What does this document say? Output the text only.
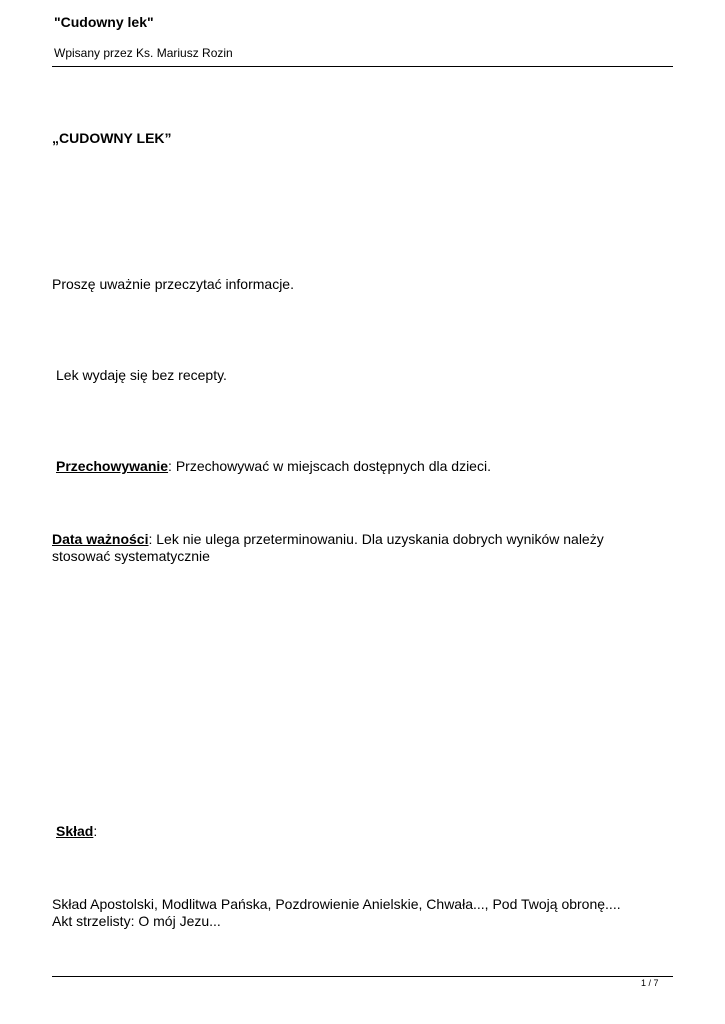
"Cudowny lek"
Wpisany przez Ks. Mariusz Rozin
„CUDOWNY LEK”
Proszę uważnie przeczytać informacje.
Lek wydaję się bez recepty.
Przechowywanie: Przechowywać w miejscach dostępnych dla dzieci.
Data ważności: Lek nie ulega przeterminowaniu. Dla uzyskania dobrych wyników należy stosować systematycznie
Skład:
Skład Apostolski, Modlitwa Pańska, Pozdrowienie Anielskie, Chwała..., Pod Twoją obronę....
Akt strzelisty: O mój Jezu...
1 / 7
